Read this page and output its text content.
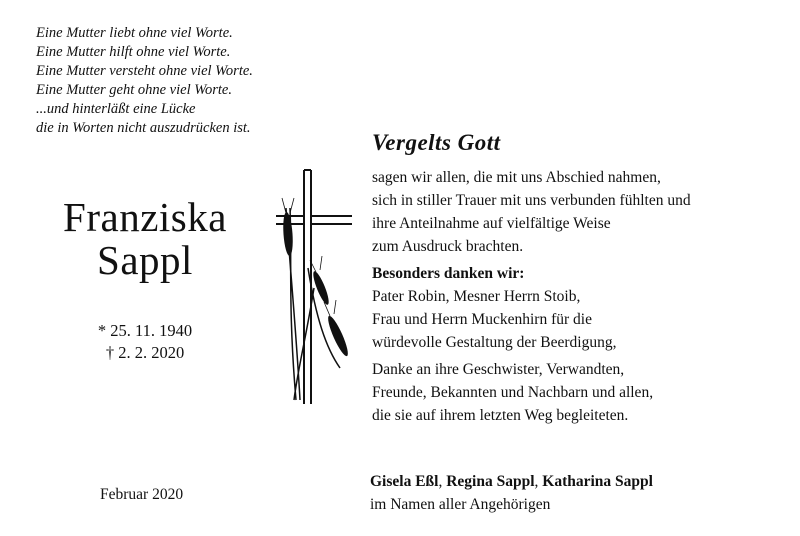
Eine Mutter liebt ohne viel Worte.
Eine Mutter hilft ohne viel Worte.
Eine Mutter versteht ohne viel Worte.
Eine Mutter geht ohne viel Worte.
...und hinterläßt eine Lücke
die in Worten nicht auszudrücken ist.
Franziska
Sappl
* 25. 11. 1940
† 2. 2. 2020
Vergelts Gott
sagen wir allen, die mit uns Abschied nahmen,
sich in stiller Trauer mit uns verbunden fühlten und
ihre Anteilnahme auf vielfältige Weise
zum Ausdruck brachten.
Besonders danken wir:
Pater Robin, Mesner Herrn Stoib,
Frau und Herrn Muckenhirn für die
würdevolle Gestaltung der Beerdigung,
Danke an ihre Geschwister, Verwandten,
Freunde, Bekannten und Nachbarn und allen,
die sie auf ihrem letzten Weg begleiteten.
Gisela Eßl, Regina Sappl, Katharina Sappl
im Namen aller Angehörigen
Februar 2020
